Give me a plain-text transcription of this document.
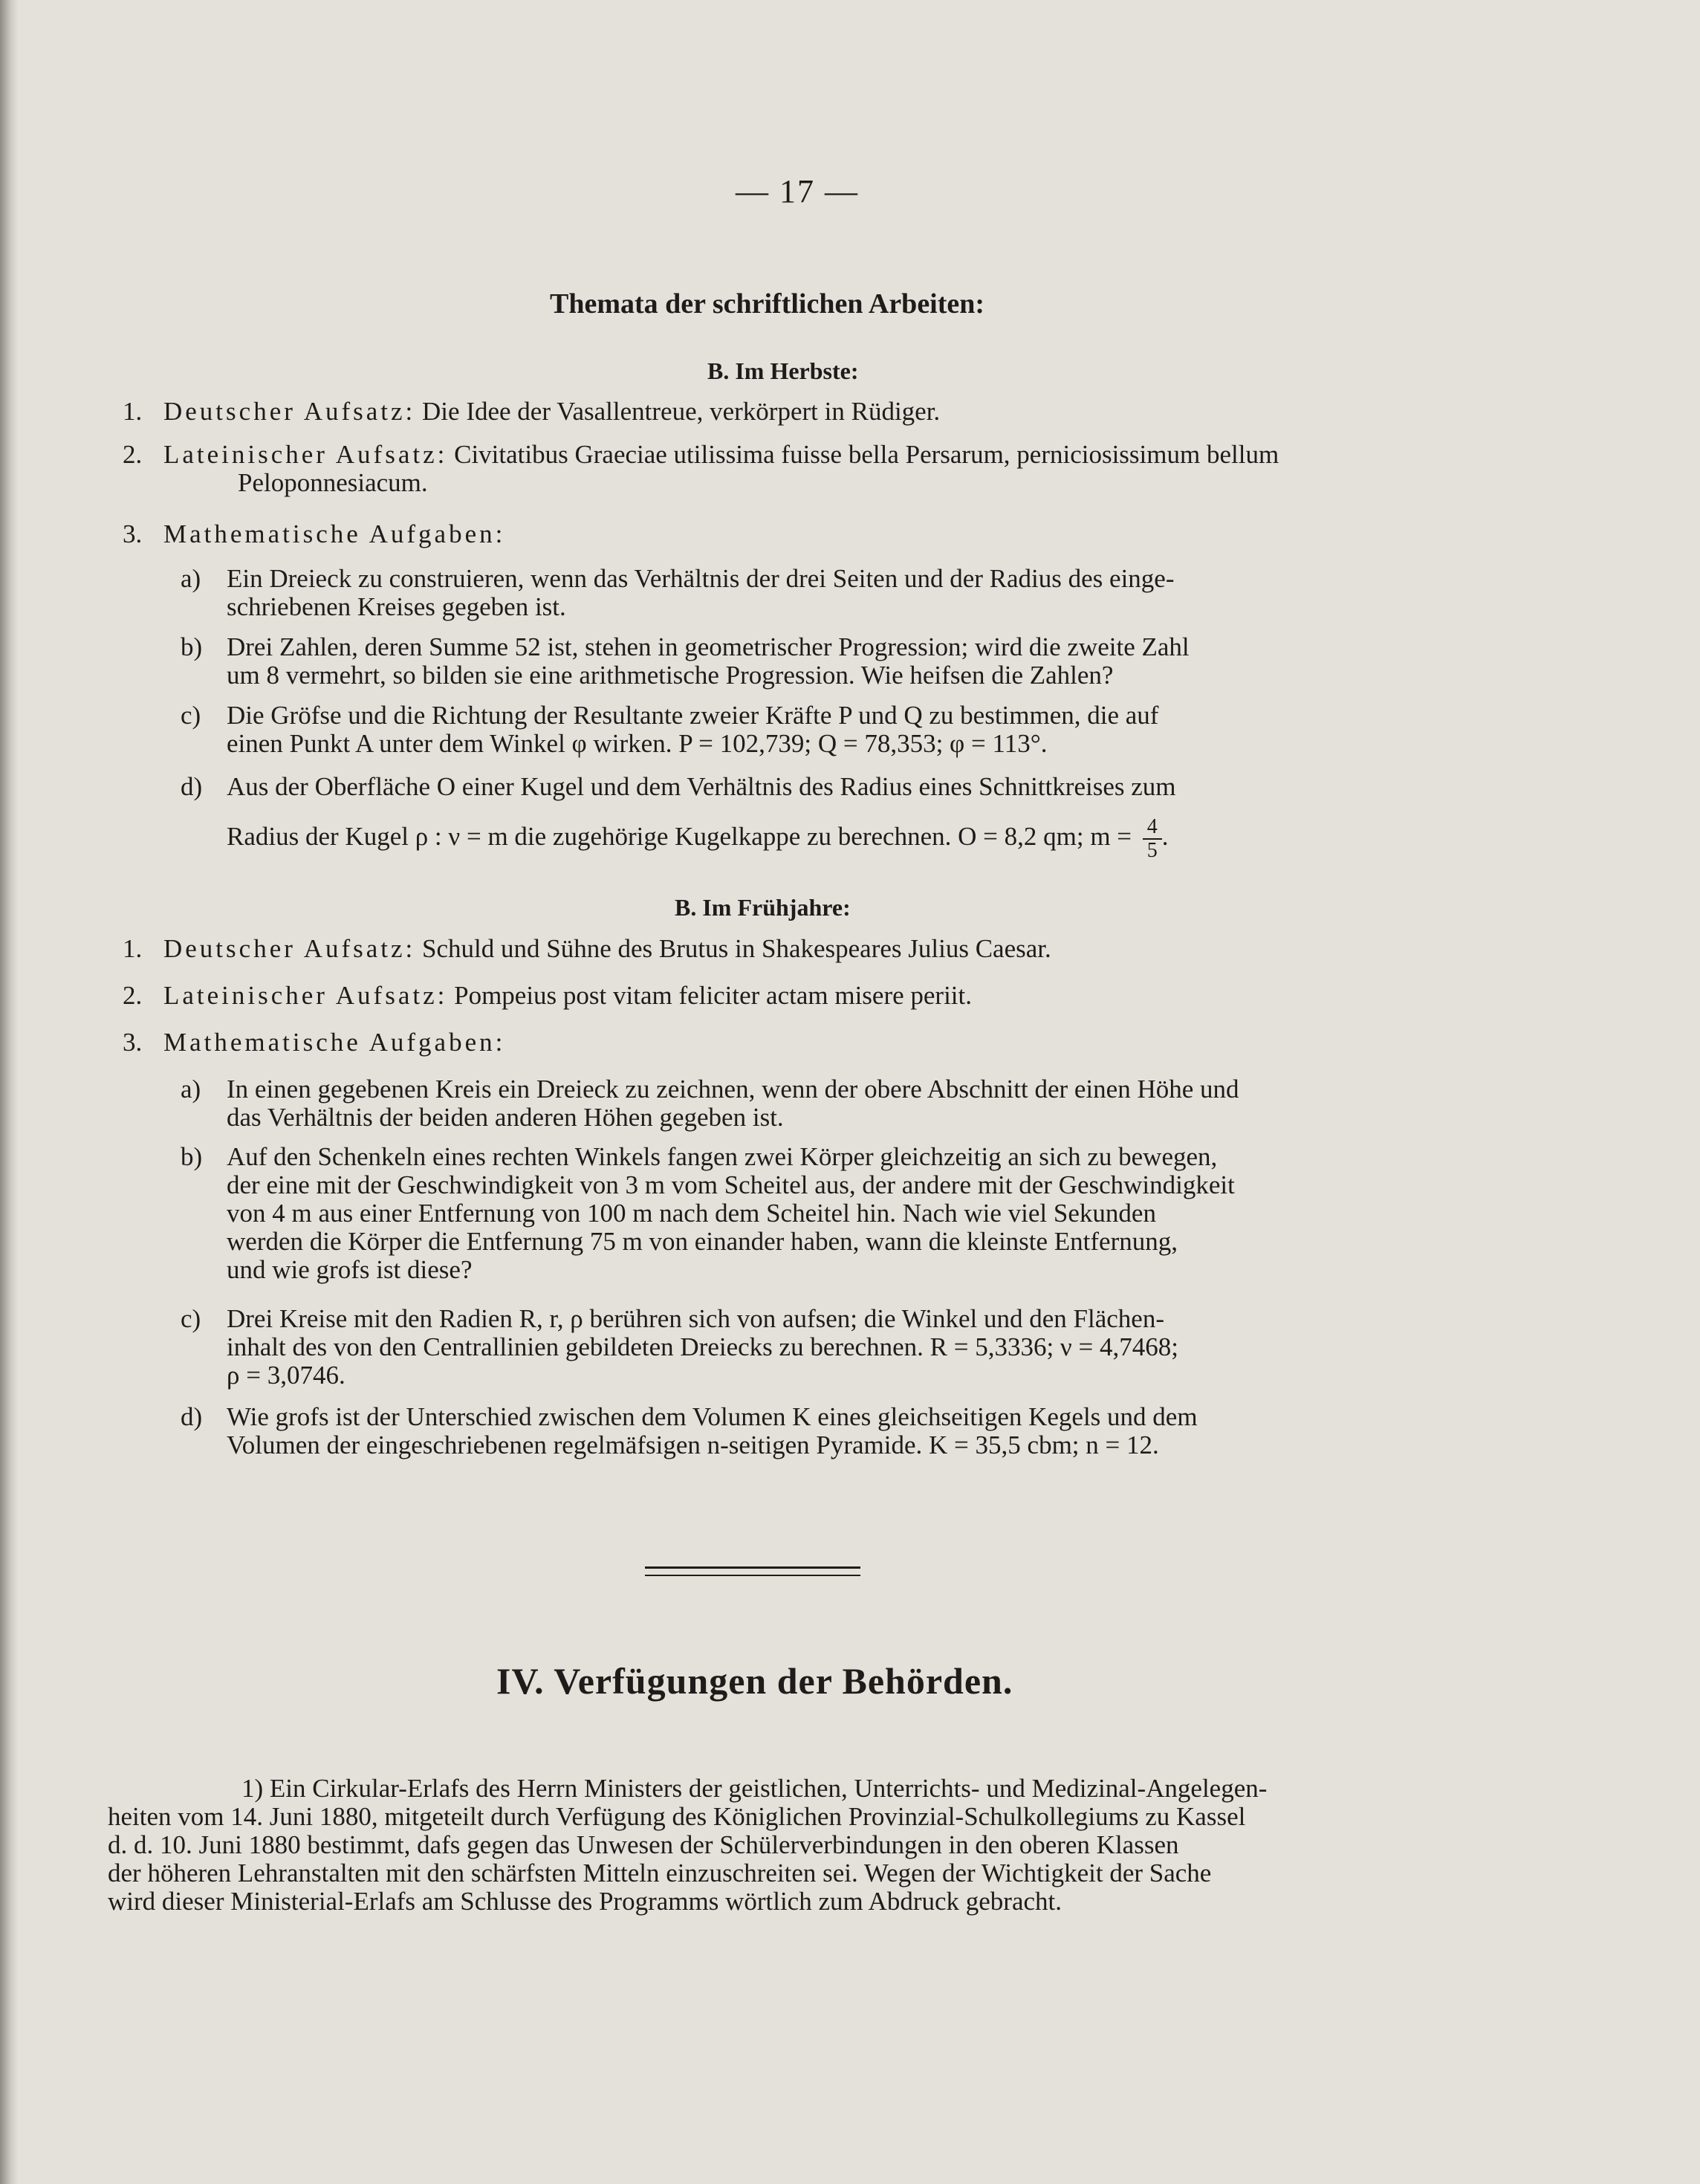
— 17 —
Themata der schriftlichen Arbeiten:
B. Im Herbste:
1. Deutscher Aufsatz: Die Idee der Vasallentreue, verkörpert in Rüdiger.
2. Lateinischer Aufsatz: Civitatibus Graeciae utilissima fuisse bella Persarum, perniciosissimum bellum
Peloponnesiacum.
3. Mathematische Aufgaben:
a) Ein Dreieck zu construieren, wenn das Verhältnis der drei Seiten und der Radius des einge-
schriebenen Kreises gegeben ist.
b) Drei Zahlen, deren Summe 52 ist, stehen in geometrischer Progression; wird die zweite Zahl
um 8 vermehrt, so bilden sie eine arithmetische Progression. Wie heifsen die Zahlen?
c) Die Gröfse und die Richtung der Resultante zweier Kräfte P und Q zu bestimmen, die auf
einen Punkt A unter dem Winkel φ wirken. P = 102,739; Q = 78,353; φ = 113°.
d) Aus der Oberfläche O einer Kugel und dem Verhältnis des Radius eines Schnittkreises zum
Radius der Kugel ρ : ν = m die zugehörige Kugelkappe zu berechnen. O = 8,2 qm; $m = \frac{4}{5}$ .
B. Im Frühjahre:
1. Deutscher Aufsatz: Schuld und Sühne des Brutus in Shakespeares Julius Caesar.
2. Lateinischer Aufsatz: Pompeius post vitam feliciter actam misere periit.
3. Mathematische Aufgaben:
a) In einen gegebenen Kreis ein Dreieck zu zeichnen, wenn der obere Abschnitt der einen Höhe und
das Verhältnis der beiden anderen Höhen gegeben ist.
b) Auf den Schenkeln eines rechten Winkels fangen zwei Körper gleichzeitig an sich zu bewegen,
der eine mit der Geschwindigkeit von 3 m vom Scheitel aus, der andere mit der Geschwindigkeit
von 4 m aus einer Entfernung von 100 m nach dem Scheitel hin. Nach wie viel Sekunden
werden die Körper die Entfernung 75 m von einander haben, wann die kleinste Entfernung,
und wie grofs ist diese?
c) Drei Kreise mit den Radien R, r, ρ berühren sich von aufsen; die Winkel und den Flächen-
inhalt des von den Centrallinien gebildeten Dreiecks zu berechnen. R = 5,3336; ν = 4,7468;
ρ = 3,0746.
d) Wie grofs ist der Unterschied zwischen dem Volumen K eines gleichseitigen Kegels und dem
Volumen der eingeschriebenen regelmäfsigen n-seitigen Pyramide. K = 35,5 cbm; n = 12.
IV. Verfügungen der Behörden.
1) Ein Cirkular-Erlafs des Herrn Ministers der geistlichen, Unterrichts- und Medizinal-Angelegen-
heiten vom 14. Juni 1880, mitgeteilt durch Verfügung des Königlichen Provinzial-Schulkollegiums zu Kassel
d. d. 10. Juni 1880 bestimmt, dafs gegen das Unwesen der Schülerverbindungen in den oberen Klassen
der höheren Lehranstalten mit den schärfsten Mitteln einzuschreiten sei. Wegen der Wichtigkeit der Sache
wird dieser Ministerial-Erlafs am Schlusse des Programms wörtlich zum Abdruck gebracht.
